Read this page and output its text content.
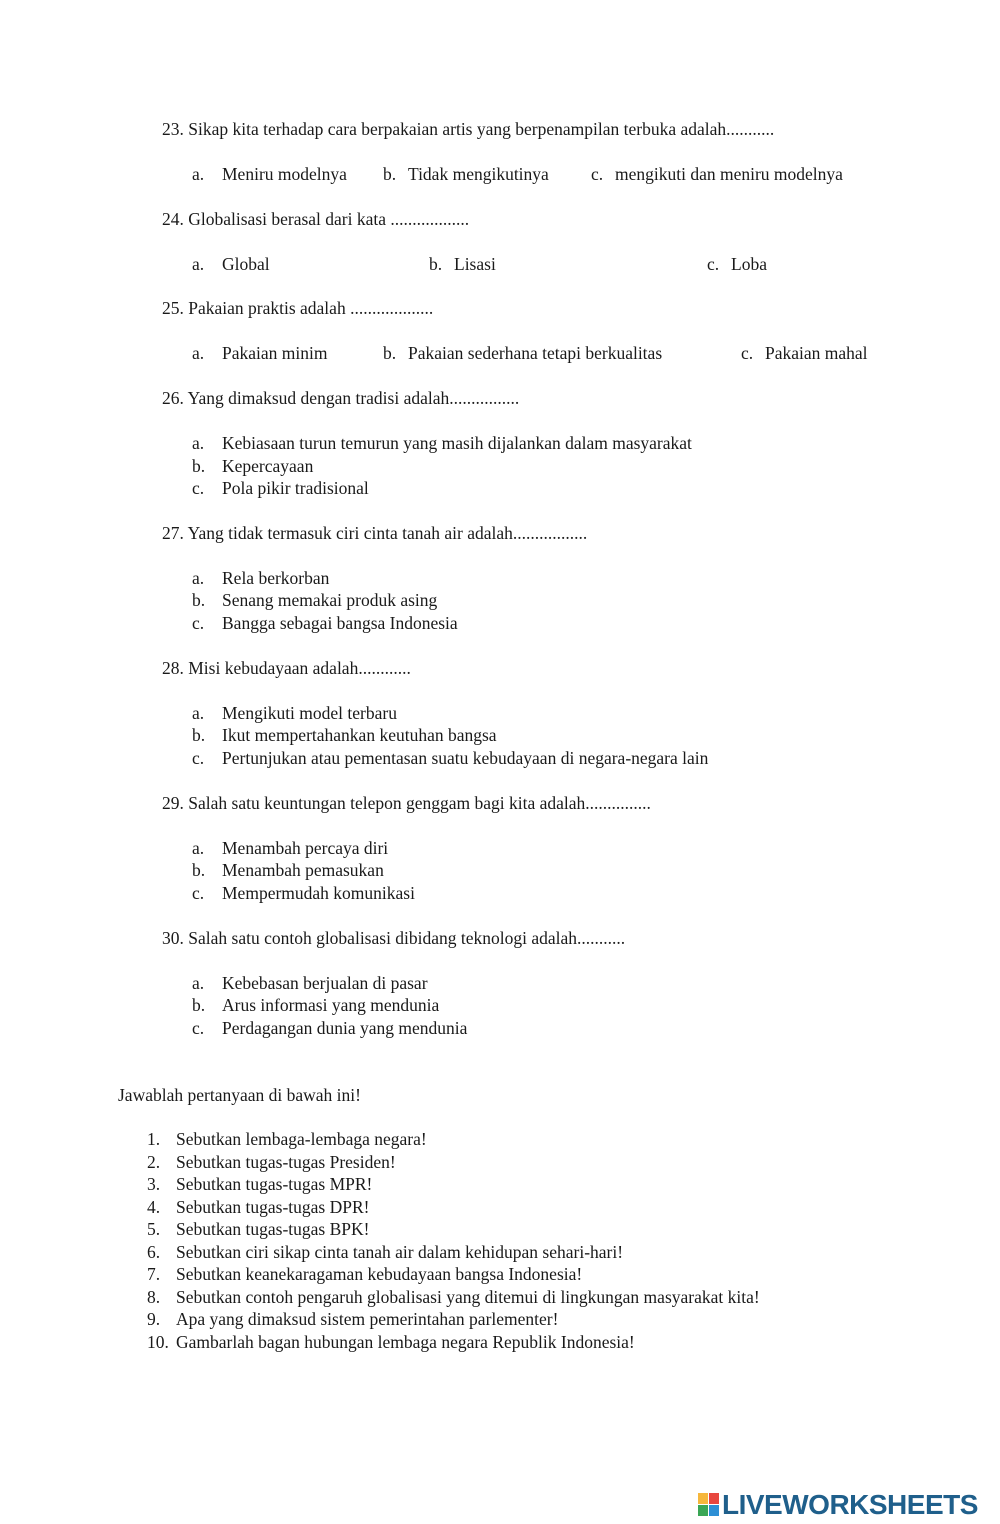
23. Sikap kita terhadap cara berpakaian artis yang berpenampilan terbuka adalah...........
a. Meniru modelnya b. Tidak mengikutinya c. mengikuti dan meniru modelnya
24. Globalisasi berasal dari kata ..................
a. Global	b. Lisasi	c. Loba
25. Pakaian praktis adalah ...................
a. Pakaian minim	b. Pakaian sederhana tetapi berkualitas	c. Pakaian mahal
26. Yang dimaksud dengan tradisi adalah................
a. Kebiasaan turun temurun yang masih dijalankan dalam masyarakat
b. Kepercayaan
c. Pola pikir tradisional
27. Yang tidak termasuk ciri cinta tanah air adalah.................
a. Rela berkorban
b. Senang memakai produk asing
c. Bangga sebagai bangsa Indonesia
28. Misi kebudayaan adalah............
a. Mengikuti model terbaru
b. Ikut mempertahankan keutuhan bangsa
c. Pertunjukan atau pementasan suatu kebudayaan di negara-negara lain
29. Salah satu keuntungan telepon genggam bagi kita adalah...............
a. Menambah percaya diri
b. Menambah pemasukan
c. Mempermudah komunikasi
30. Salah satu contoh globalisasi dibidang teknologi adalah...........
a. Kebebasan berjualan di pasar
b. Arus informasi yang mendunia
c. Perdagangan dunia yang mendunia
Jawablah pertanyaan di bawah ini!
1. Sebutkan lembaga-lembaga negara!
2. Sebutkan tugas-tugas Presiden!
3. Sebutkan tugas-tugas MPR!
4. Sebutkan tugas-tugas DPR!
5. Sebutkan tugas-tugas BPK!
6. Sebutkan ciri sikap cinta tanah air dalam kehidupan sehari-hari!
7. Sebutkan keanekaragaman kebudayaan bangsa Indonesia!
8. Sebutkan contoh pengaruh globalisasi yang ditemui di lingkungan masyarakat kita!
9. Apa yang dimaksud sistem pemerintahan parlementer!
10. Gambarlah bagan hubungan lembaga negara Republik Indonesia!
LIVEWORKSHEETS
